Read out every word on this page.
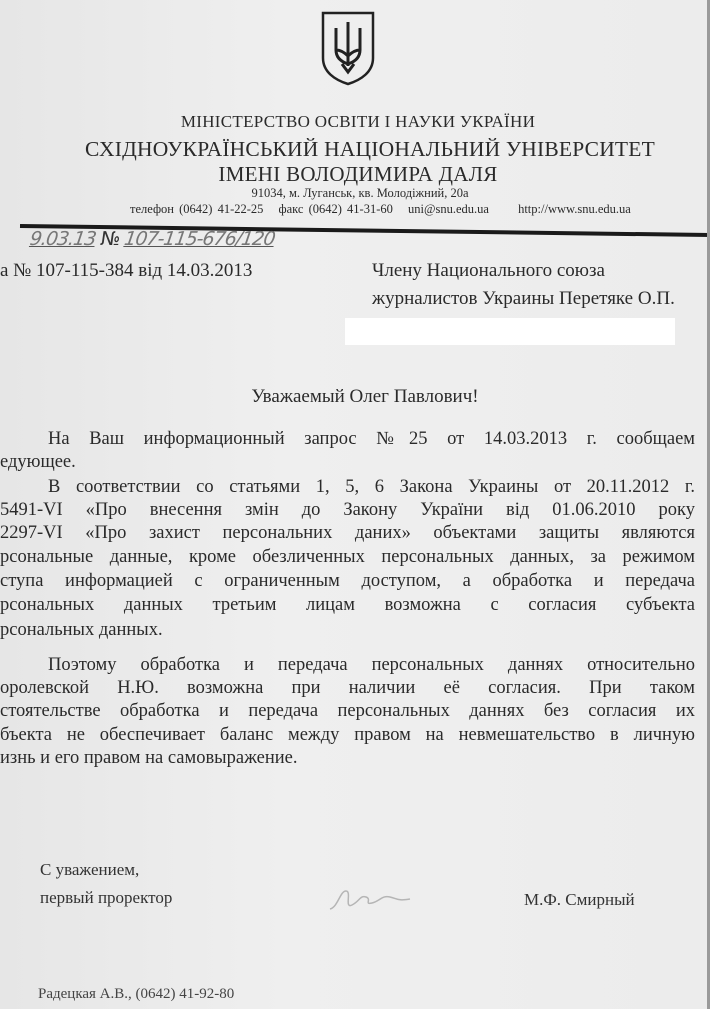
МІНІСТЕРСТВО ОСВІТИ І НАУКИ УКРАЇНИ
СХІДНОУКРАЇНСЬКИЙ НАЦІОНАЛЬНИЙ УНІВЕРСИТЕТ
ІМЕНІ ВОЛОДИМИРА ДАЛЯ
91034, м. Луганськ, кв. Молодіжний, 20а
телефон (0642) 41-22-25 факс (0642) 41-31-60 uni@snu.edu.ua http://www.snu.edu.ua
9.03.13 № 107-115-676/120
а № 107-115-384 від 14.03.2013	Члену Национального союза
журналистов Украины Перетяке О.П.
Уважаемый Олег Павлович!
На Ваш информационный запрос №25 от 14.03.2013 г. сообщаем
едующее.
В соответствии со статьями 1, 5, 6 Закона Украины от 20.11.2012 г.
5491-VI «Про внесення змін до Закону України від 01.06.2010 року
2297-VI «Про захист персональних даних» объектами защиты являются
рсональные данные, кроме обезличенных персональных данных, за режимом
ступа информацией с ограниченным доступом, а обработка и передача
рсональных данных третьим лицам возможна с согласия субъекта
рсональных данных.
Поэтому обработка и передача персональных даннях относительно
оролевской Н.Ю. возможна при наличии её согласия. При таком
стоятельстве обработка и передача персональных даннях без согласия их
бъекта не обеспечивает баланс между правом на невмешательство в личную
изнь и его правом на самовыражение.
С уважением,
первый проректор	М.Ф. Смирный
Радецкая А.В., (0642) 41-92-80
